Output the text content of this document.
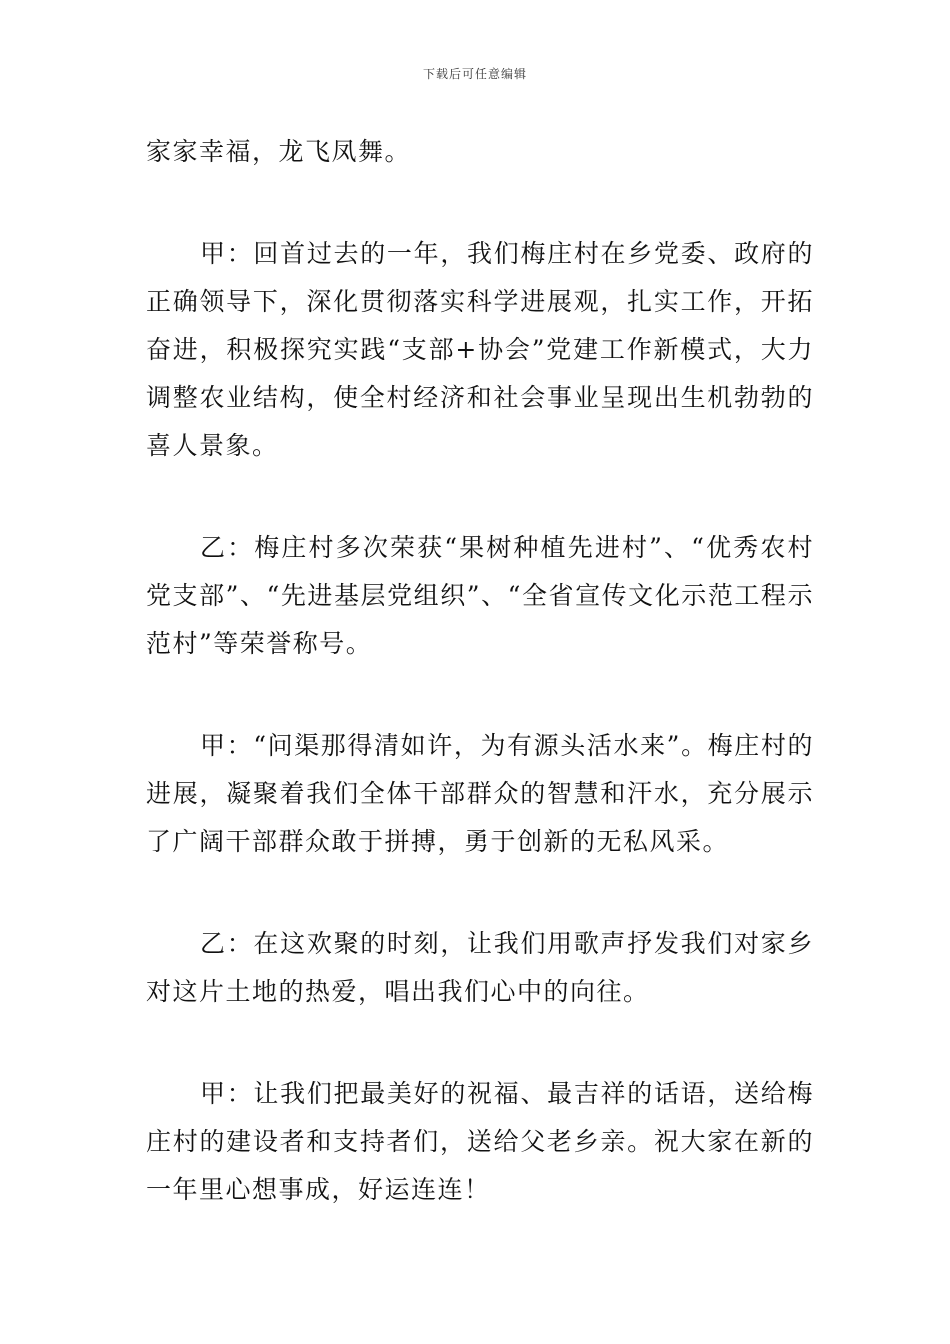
下载后可任意编辑

家家幸福，龙飞凤舞。

甲：回首过去的一年，我们梅庄村在乡党委、政府的正确领导下，深化贯彻落实科学进展观，扎实工作，开拓奋进，积极探究实践“支部+协会”党建工作新模式，大力调整农业结构，使全村经济和社会事业呈现出生机勃勃的喜人景象。

乙：梅庄村多次荣获“果树种植先进村”、“优秀农村党支部”、“先进基层党组织”、“全省宣传文化示范工程示范村”等荣誉称号。

甲：“问渠那得清如许，为有源头活水来”。梅庄村的进展，凝聚着我们全体干部群众的智慧和汗水，充分展示了广阔干部群众敢于拼搏，勇于创新的无私风采。

乙：在这欢聚的时刻，让我们用歌声抒发我们对家乡对这片土地的热爱，唱出我们心中的向往。

甲：让我们把最美好的祝福、最吉祥的话语，送给梅庄村的建设者和支持者们，送给父老乡亲。祝大家在新的一年里心想事成，好运连连！
